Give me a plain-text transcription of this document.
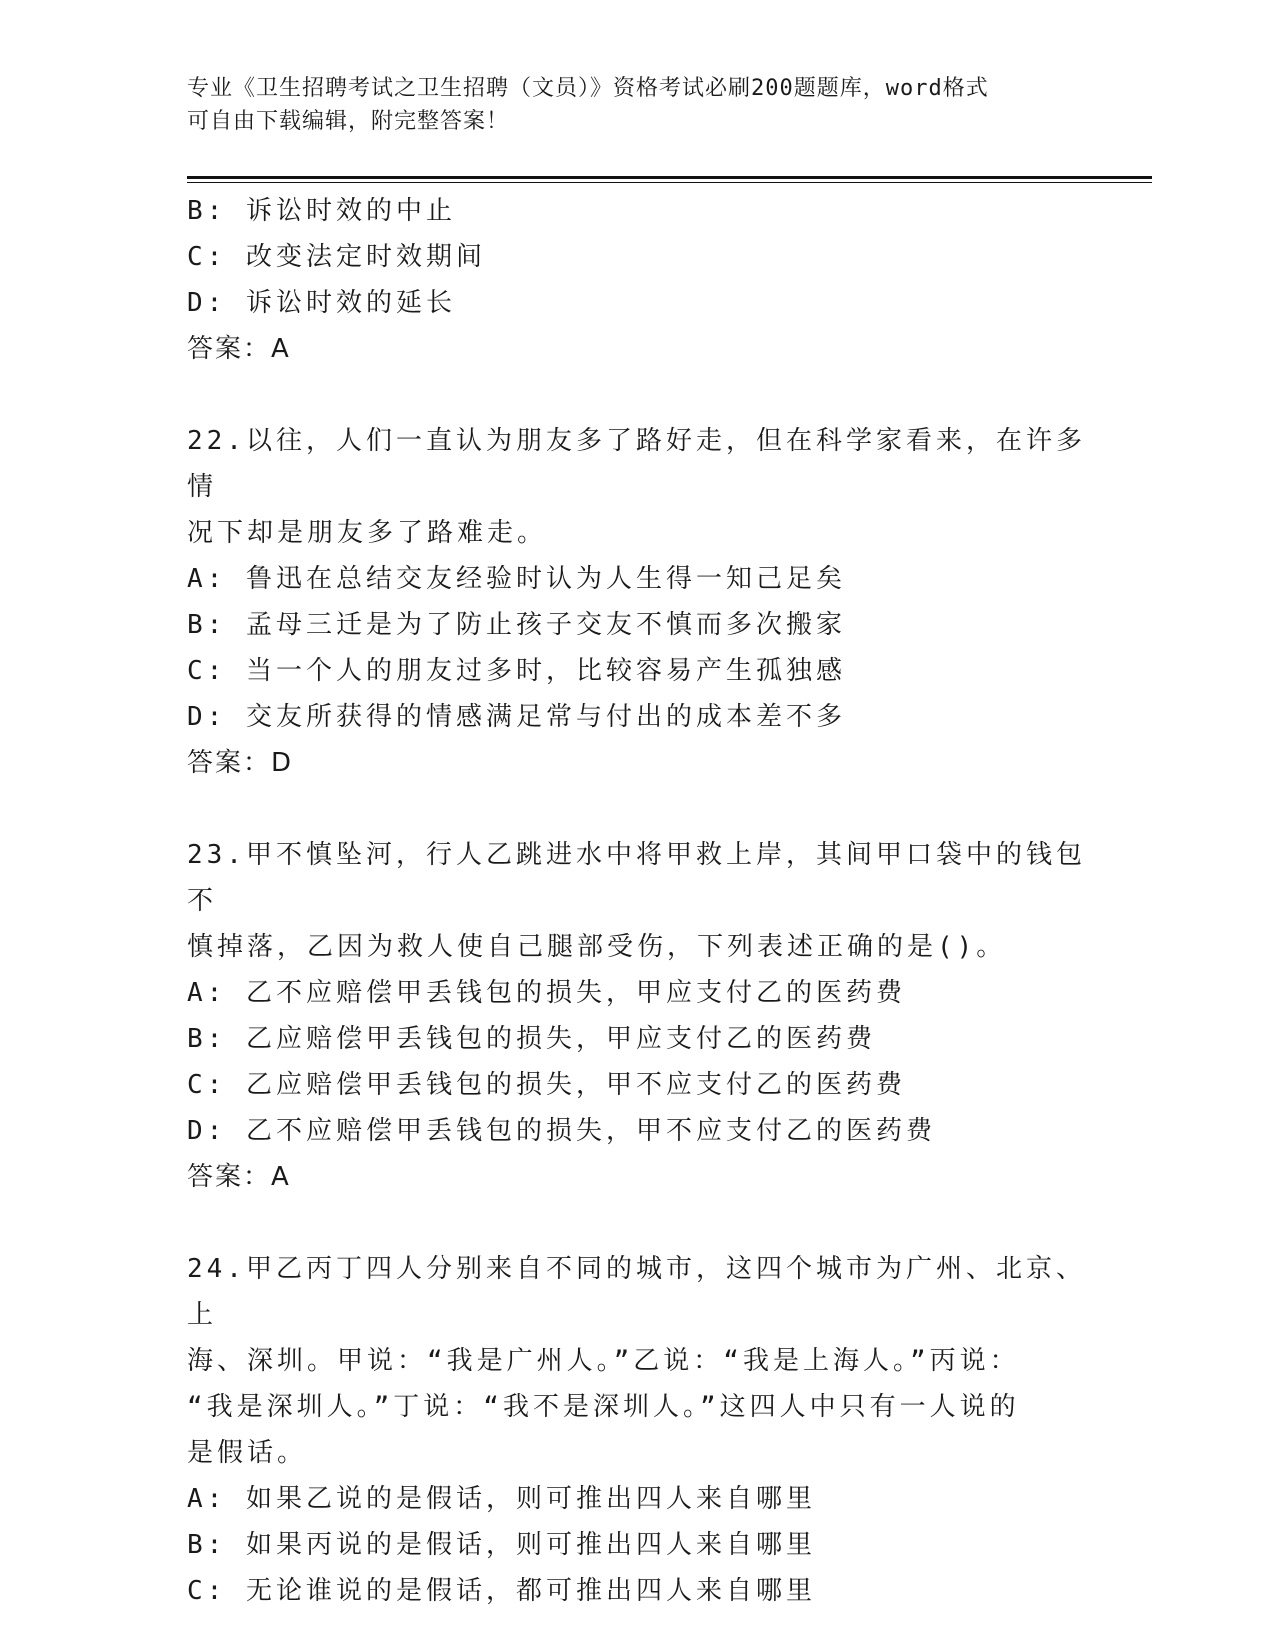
专业《卫生招聘考试之卫生招聘（文员）》资格考试必刷200题题库，word格式
可自由下载编辑，附完整答案！
B: 诉讼时效的中止
C: 改变法定时效期间
D: 诉讼时效的延长
答案：A
22.以往，人们一直认为朋友多了路好走，但在科学家看来，在许多情
况下却是朋友多了路难走。
A: 鲁迅在总结交友经验时认为人生得一知己足矣
B: 孟母三迁是为了防止孩子交友不慎而多次搬家
C: 当一个人的朋友过多时，比较容易产生孤独感
D: 交友所获得的情感满足常与付出的成本差不多
答案：D
23.甲不慎坠河，行人乙跳进水中将甲救上岸，其间甲口袋中的钱包不
慎掉落，乙因为救人使自己腿部受伤，下列表述正确的是()。
A: 乙不应赔偿甲丢钱包的损失，甲应支付乙的医药费
B: 乙应赔偿甲丢钱包的损失，甲应支付乙的医药费
C: 乙应赔偿甲丢钱包的损失，甲不应支付乙的医药费
D: 乙不应赔偿甲丢钱包的损失，甲不应支付乙的医药费
答案：A
24.甲乙丙丁四人分别来自不同的城市，这四个城市为广州、北京、上
海、深圳。甲说：“我是广州人。”乙说：“我是上海人。”丙说：
“我是深圳人。”丁说：“我不是深圳人。”这四人中只有一人说的
是假话。
A: 如果乙说的是假话，则可推出四人来自哪里
B: 如果丙说的是假话，则可推出四人来自哪里
C: 无论谁说的是假话，都可推出四人来自哪里
